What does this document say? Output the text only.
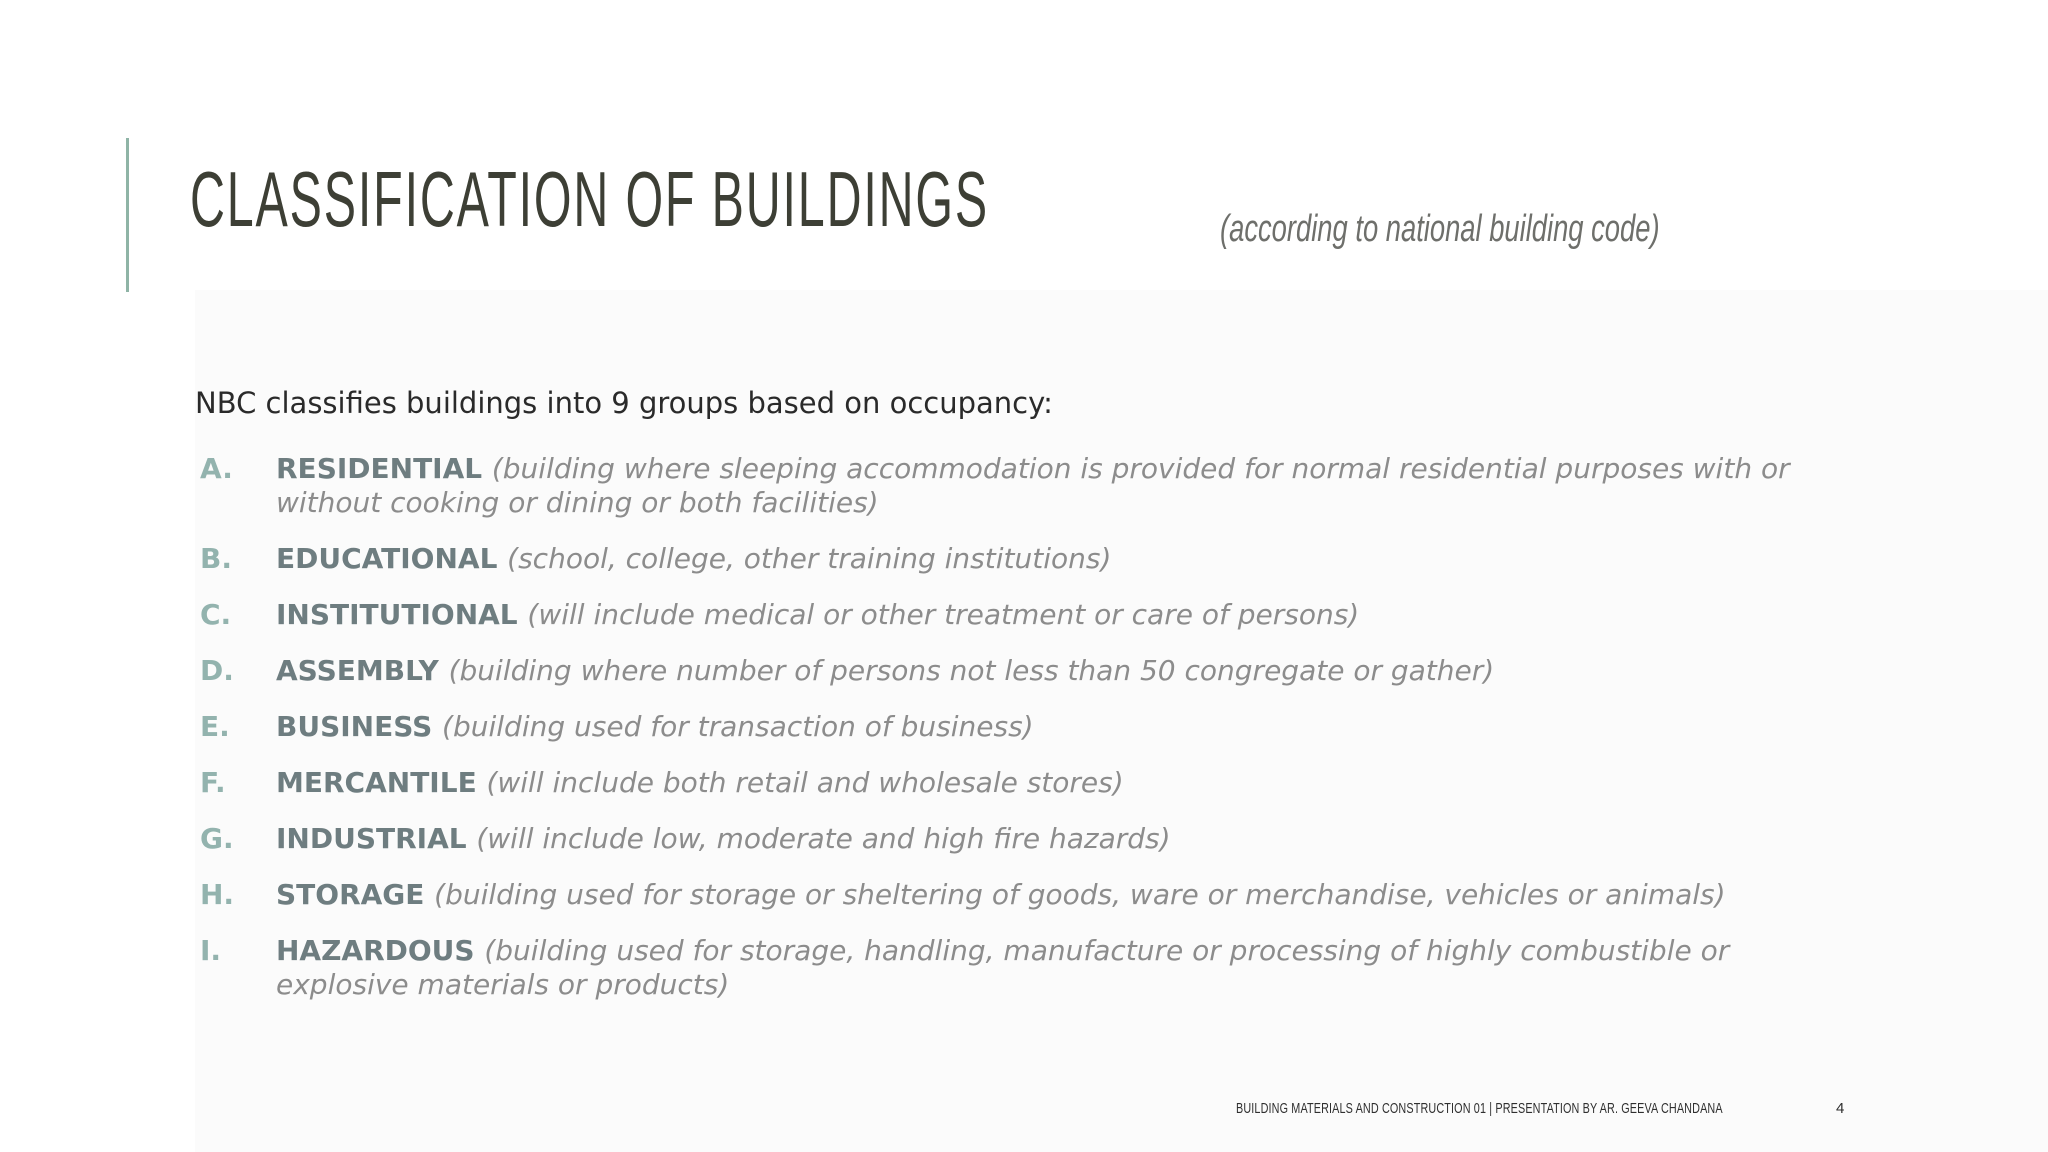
CLASSIFICATION OF BUILDINGS	(according to national building code)
NBC classifies buildings into 9 groups based on occupancy:
A. RESIDENTIAL (building where sleeping accommodation is provided for normal residential purposes with or without cooking or dining or both facilities)
B. EDUCATIONAL (school, college, other training institutions)
C. INSTITUTIONAL (will include medical or other treatment or care of persons)
D. ASSEMBLY (building where number of persons not less than 50 congregate or gather)
E. BUSINESS (building used for transaction of business)
F. MERCANTILE (will include both retail and wholesale stores)
G. INDUSTRIAL (will include low, moderate and high fire hazards)
H. STORAGE (building used for storage or sheltering of goods, ware or merchandise, vehicles or animals)
I. HAZARDOUS (building used for storage, handling, manufacture or processing of highly combustible or explosive materials or products)
BUILDING MATERIALS AND CONSTRUCTION 01 | PRESENTATION BY AR. GEEVA CHANDANA	4
